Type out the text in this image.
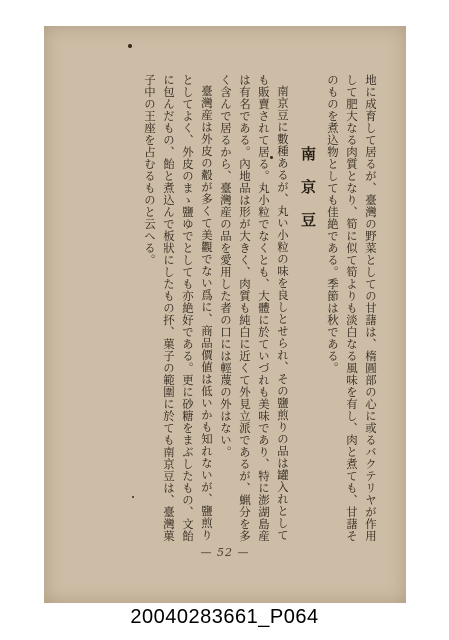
地に成育して居るが、臺灣の野菜としての甘藷は、楕圓部の心に或るバクテリヤが作用して肥大なる肉質となり、筍に似て筍よりも淡白なる風味を有し、肉と煮ても、甘藷そのものを煮込物としても佳絶である。季節は秋である。

南京豆

南京豆に數種あるが、丸い小粒の味を良しとせられ、その鹽煎りの品は罐入れとしても販賣されて居る。丸小粒でなくとも、大體に於ていづれも美味であり、特に澎湖島産は有名である。內地品は形が大きく、肉質も純白に近くて外見立派であるが、蝋分を多く含んで居るから、臺灣産の品を愛用した者の口には輕蔑の外はない。

臺灣産は外皮の觳が多くて美觀でない爲に、商品價値は低いかも知れないが、鹽煎りとしてよく、外皮のまゝ鹽ゆでとしても亦絶好である。更に砂糖をまぶしたもの、文飴に包んだもの、飴と煮込んで板狀にしたもの抔、菓子の範圍に於ても南京豆は、臺灣菓子中の王座を占むるものと云へる。

— 52 —
20040283661_P064
